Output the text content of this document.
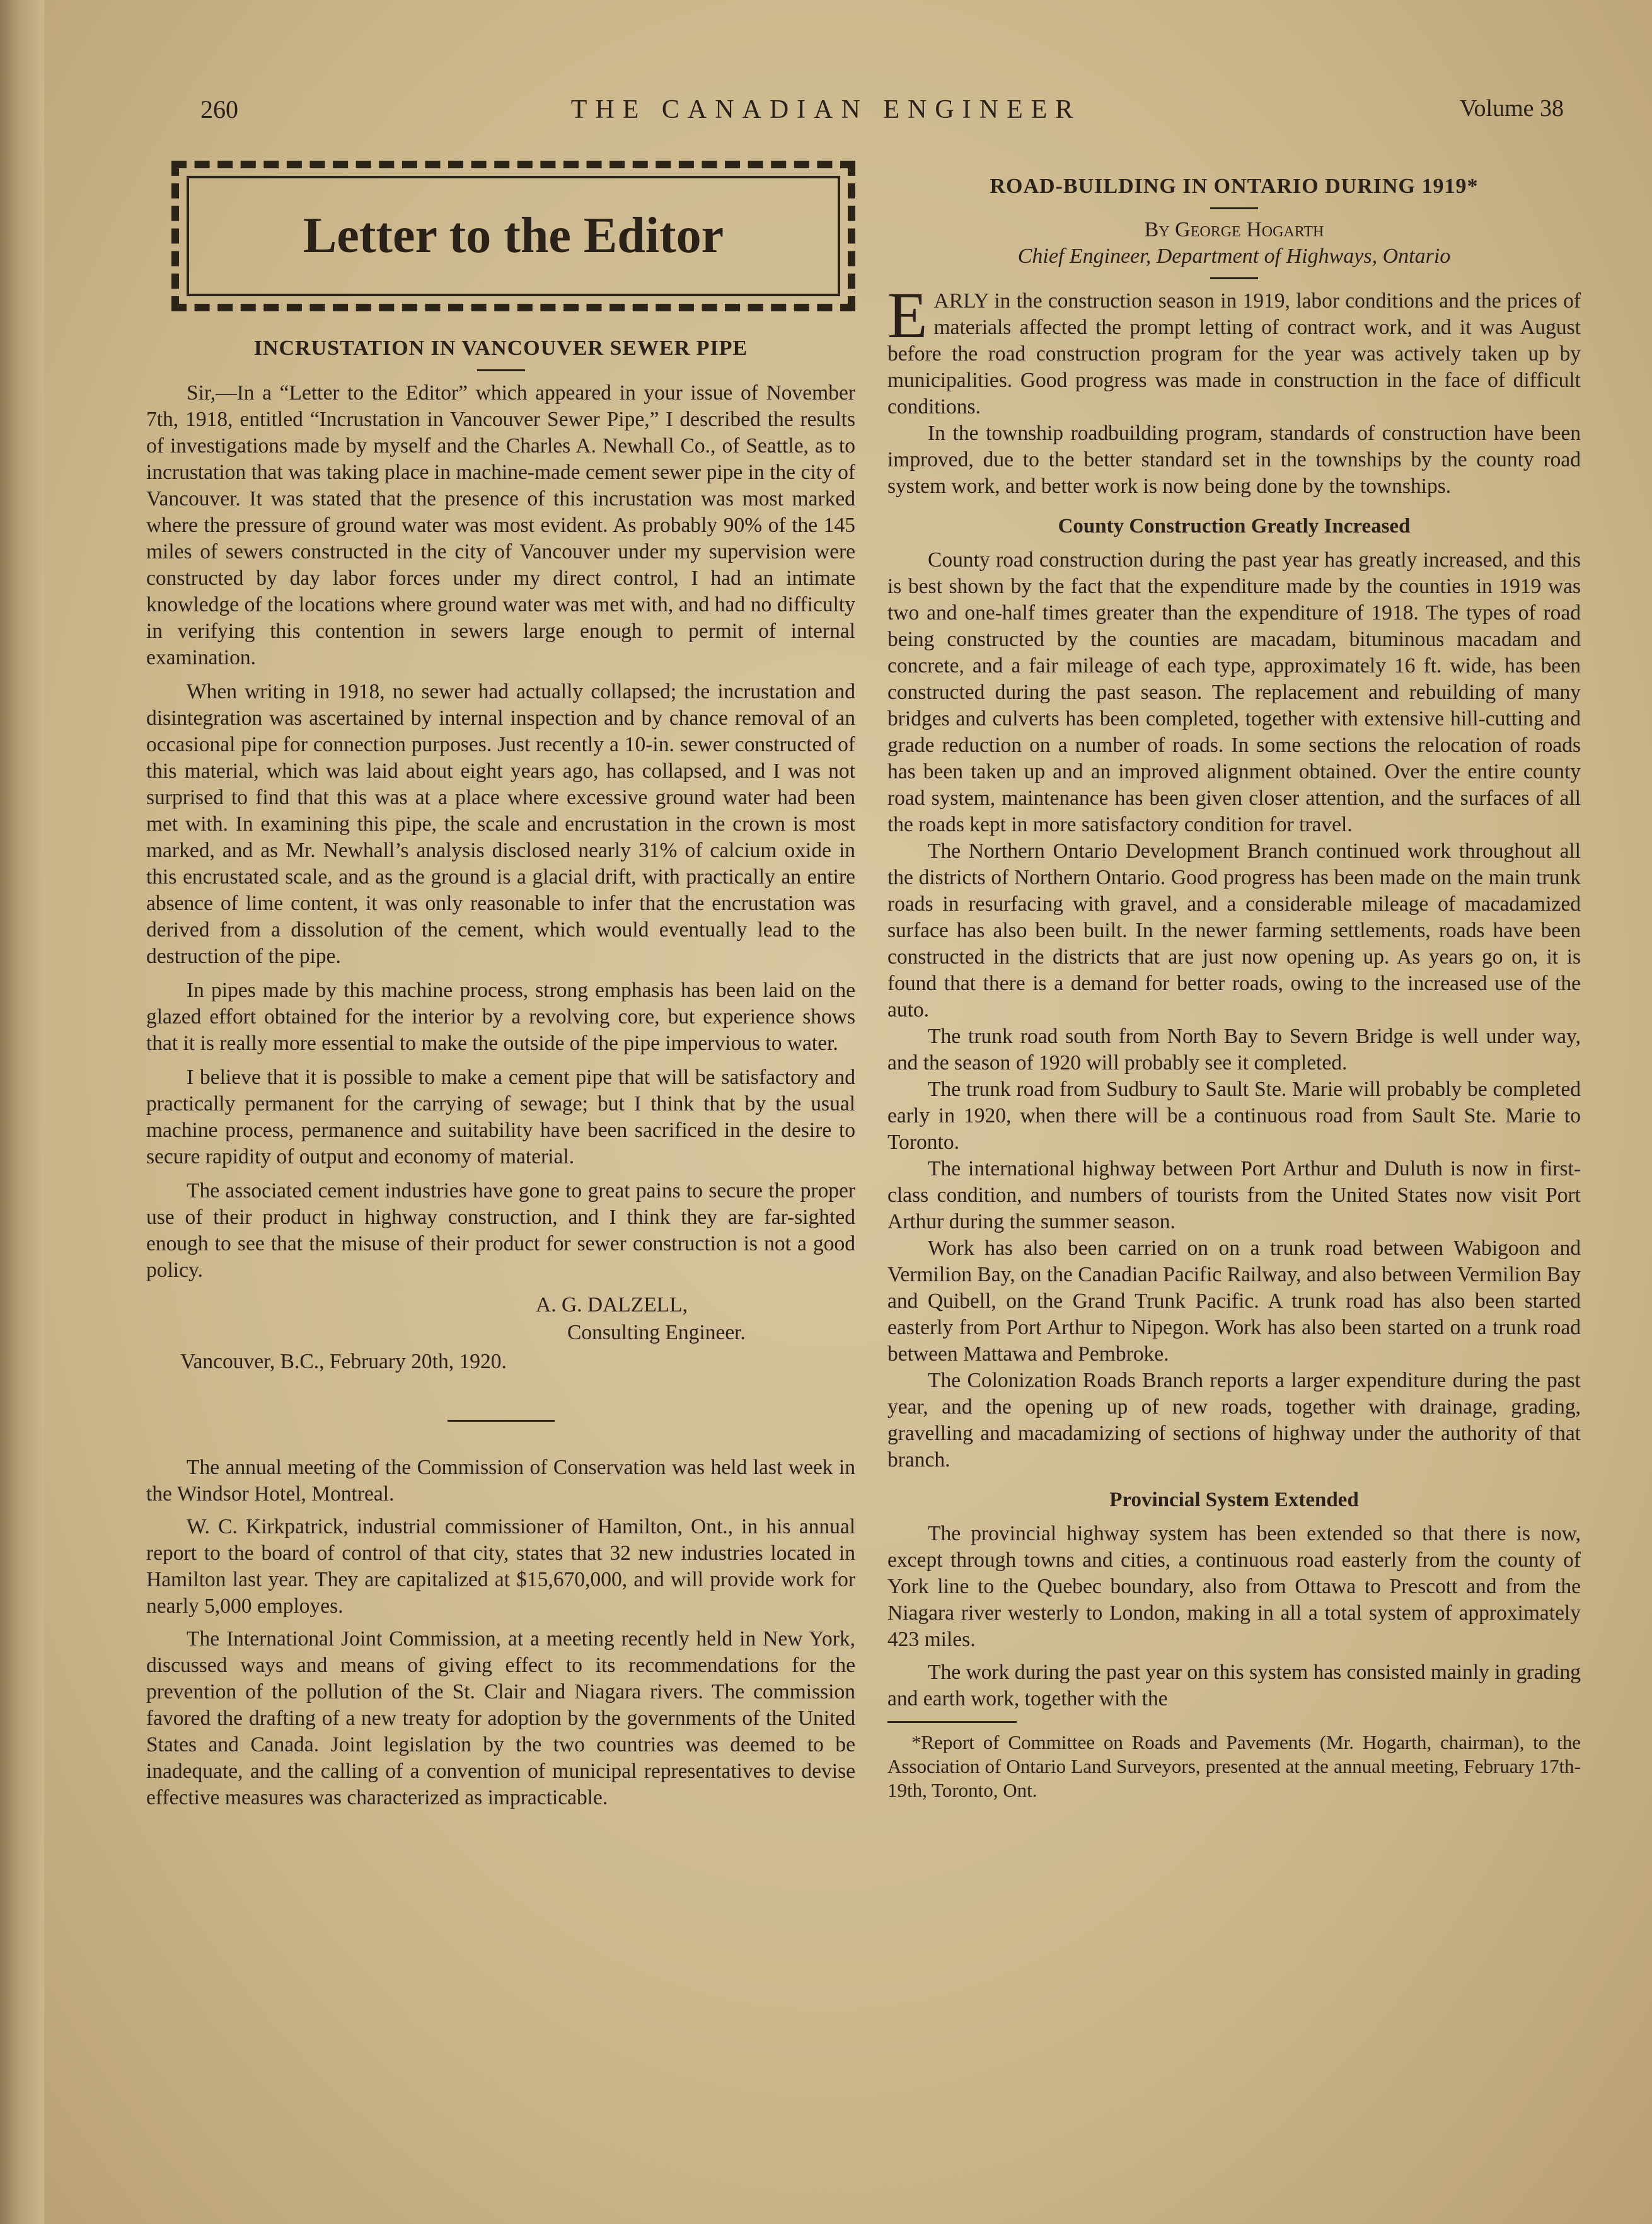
260	THE CANADIAN ENGINEER	Volume 38
Letter to the Editor
INCRUSTATION IN VANCOUVER SEWER PIPE

Sir,—In a “Letter to the Editor” which appeared in your issue of November 7th, 1918, entitled “Incrustation in Vancouver Sewer Pipe,” I described the results of investigations made by myself and the Charles A. Newhall Co., of Seattle, as to incrustation that was taking place in machine-made cement sewer pipe in the city of Vancouver. It was stated that the presence of this incrustation was most marked where the pressure of ground water was most evident. As probably 90% of the 145 miles of sewers constructed in the city of Vancouver under my supervision were constructed by day labor forces under my direct control, I had an intimate knowledge of the locations where ground water was met with, and had no difficulty in verifying this contention in sewers large enough to permit of internal examination.

When writing in 1918, no sewer had actually collapsed; the incrustation and disintegration was ascertained by internal inspection and by chance removal of an occasional pipe for connection purposes. Just recently a 10-in. sewer constructed of this material, which was laid about eight years ago, has collapsed, and I was not surprised to find that this was at a place where excessive ground water had been met with. In examining this pipe, the scale and encrustation in the crown is most marked, and as Mr. Newhall’s analysis disclosed nearly 31% of calcium oxide in this encrustated scale, and as the ground is a glacial drift, with practically an entire absence of lime content, it was only reasonable to infer that the encrustation was derived from a dissolution of the cement, which would eventually lead to the destruction of the pipe.

In pipes made by this machine process, strong emphasis has been laid on the glazed effort obtained for the interior by a revolving core, but experience shows that it is really more essential to make the outside of the pipe impervious to water.

I believe that it is possible to make a cement pipe that will be satisfactory and practically permanent for the carrying of sewage; but I think that by the usual machine process, permanence and suitability have been sacrificed in the desire to secure rapidity of output and economy of material.

The associated cement industries have gone to great pains to secure the proper use of their product in highway construction, and I think they are far-sighted enough to see that the misuse of their product for sewer construction is not a good policy.

A. G. DALZELL,
Consulting Engineer.
Vancouver, B.C., February 20th, 1920.

The annual meeting of the Commission of Conservation was held last week in the Windsor Hotel, Montreal.

W. C. Kirkpatrick, industrial commissioner of Hamilton, Ont., in his annual report to the board of control of that city, states that 32 new industries located in Hamilton last year. They are capitalized at $15,670,000, and will provide work for nearly 5,000 employes.

The International Joint Commission, at a meeting recently held in New York, discussed ways and means of giving effect to its recommendations for the prevention of the pollution of the St. Clair and Niagara rivers. The commission favored the drafting of a new treaty for adoption by the governments of the United States and Canada. Joint legislation by the two countries was deemed to be inadequate, and the calling of a convention of municipal representatives to devise effective measures was characterized as impracticable.

ROAD-BUILDING IN ONTARIO DURING 1919*
By George Hogarth
Chief Engineer, Department of Highways, Ontario

EARLY in the construction season in 1919, labor conditions and the prices of materials affected the prompt letting of contract work, and it was August before the road construction program for the year was actively taken up by municipalities. Good progress was made in construction in the face of difficult conditions.

In the township roadbuilding program, standards of construction have been improved, due to the better standard set in the townships by the county road system work, and better work is now being done by the townships.

County Construction Greatly Increased

County road construction during the past year has greatly increased, and this is best shown by the fact that the expenditure made by the counties in 1919 was two and one-half times greater than the expenditure of 1918. The types of road being constructed by the counties are macadam, bituminous macadam and concrete, and a fair mileage of each type, approximately 16 ft. wide, has been constructed during the past season. The replacement and rebuilding of many bridges and culverts has been completed, together with extensive hill-cutting and grade reduction on a number of roads. In some sections the relocation of roads has been taken up and an improved alignment obtained. Over the entire county road system, maintenance has been given closer attention, and the surfaces of all the roads kept in more satisfactory condition for travel.

The Northern Ontario Development Branch continued work throughout all the districts of Northern Ontario. Good progress has been made on the main trunk roads in resurfacing with gravel, and a considerable mileage of macadamized surface has also been built. In the newer farming settlements, roads have been constructed in the districts that are just now opening up. As years go on, it is found that there is a demand for better roads, owing to the increased use of the auto.

The trunk road south from North Bay to Severn Bridge is well under way, and the season of 1920 will probably see it completed.

The trunk road from Sudbury to Sault Ste. Marie will probably be completed early in 1920, when there will be a continuous road from Sault Ste. Marie to Toronto.

The international highway between Port Arthur and Duluth is now in first-class condition, and numbers of tourists from the United States now visit Port Arthur during the summer season.

Work has also been carried on on a trunk road between Wabigoon and Vermilion Bay, on the Canadian Pacific Railway, and also between Vermilion Bay and Quibell, on the Grand Trunk Pacific. A trunk road has also been started easterly from Port Arthur to Nipegon. Work has also been started on a trunk road between Mattawa and Pembroke.

The Colonization Roads Branch reports a larger expenditure during the past year, and the opening up of new roads, together with drainage, grading, gravelling and macadamizing of sections of highway under the authority of that branch.

Provincial System Extended

The provincial highway system has been extended so that there is now, except through towns and cities, a continuous road easterly from the county of York line to the Quebec boundary, also from Ottawa to Prescott and from the Niagara river westerly to London, making in all a total system of approximately 423 miles.

The work during the past year on this system has consisted mainly in grading and earth work, together with the

*Report of Committee on Roads and Pavements (Mr. Hogarth, chairman), to the Association of Ontario Land Surveyors, presented at the annual meeting, February 17th-19th, Toronto, Ont.
